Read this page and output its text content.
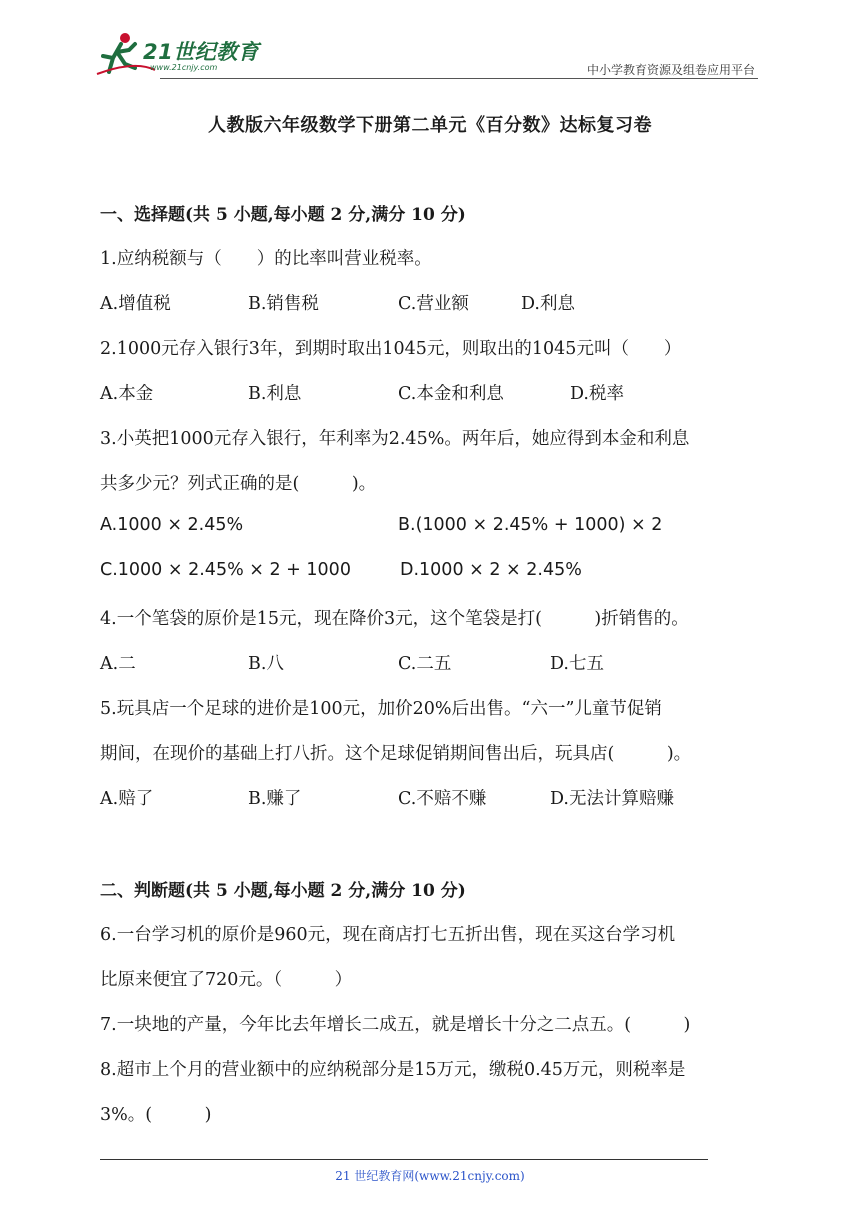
21世纪教育
www.21cnjy.com	中小学教育资源及组卷应用平台
人教版六年级数学下册第二单元《百分数》达标复习卷
一、选择题(共 5 小题,每小题 2 分,满分 10 分)
1.应纳税额与（　　）的比率叫营业税率。
A.增值税	B.销售税	C.营业额	D.利息
2.1000元存入银行3年，到期时取出1045元，则取出的1045元叫（　　）
A.本金	B.利息	C.本金和利息	D.税率
3.小英把1000元存入银行，年利率为2.45%。两年后，她应得到本金和利息
共多少元？列式正确的是(　　　)。
A.1000 × 2.45%	B.(1000 × 2.45% + 1000) × 2
C.1000 × 2.45% × 2 + 1000	D.1000 × 2 × 2.45%
4.一个笔袋的原价是15元，现在降价3元，这个笔袋是打(　　　)折销售的。
A.二	B.八	C.二五	D.七五
5.玩具店一个足球的进价是100元，加价20%后出售。“六一”儿童节促销
期间，在现价的基础上打八折。这个足球促销期间售出后，玩具店(　　　)。
A.赔了	B.赚了	C.不赔不赚	D.无法计算赔赚
二、判断题(共 5 小题,每小题 2 分,满分 10 分)
6.一台学习机的原价是960元，现在商店打七五折出售，现在买这台学习机
比原来便宜了720元。（　　　）
7.一块地的产量，今年比去年增长二成五，就是增长十分之二点五。(　　　)
8.超市上个月的营业额中的应纳税部分是15万元，缴税0.45万元，则税率是
3%。(　　　)
21 世纪教育网(www.21cnjy.com)
